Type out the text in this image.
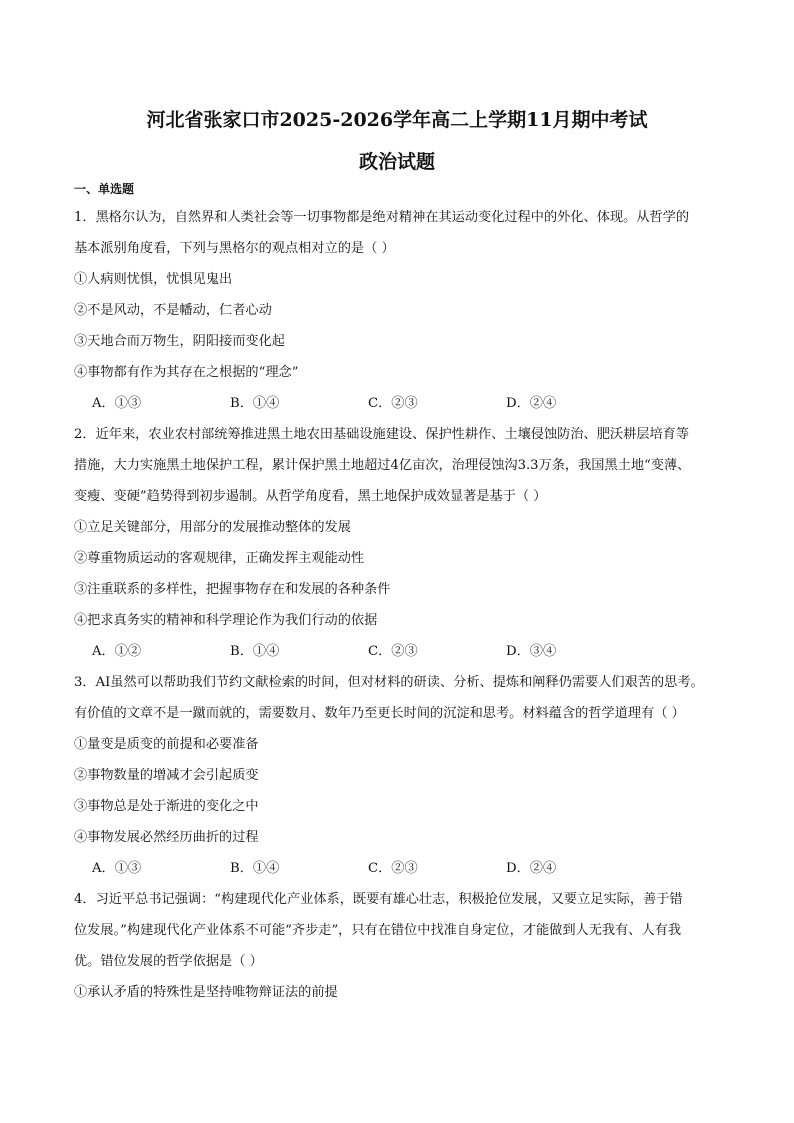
河北省张家口市2025-2026学年高二上学期11月期中考试
政治试题
一、单选题
1．黑格尔认为，自然界和人类社会等一切事物都是绝对精神在其运动变化过程中的外化、体现。从哲学的
基本派别角度看，下列与黑格尔的观点相对立的是（ ）
①人病则忧惧，忧惧见鬼出
②不是风动，不是幡动，仁者心动
③天地合而万物生，阴阳接而变化起
④事物都有作为其存在之根据的“理念”
A．①③	B．①④	C．②③	D．②④
2．近年来，农业农村部统筹推进黑土地农田基础设施建设、保护性耕作、土壤侵蚀防治、肥沃耕层培育等
措施，大力实施黑土地保护工程，累计保护黑土地超过4亿亩次，治理侵蚀沟3.3万条，我国黑土地“变薄、
变瘦、变硬”趋势得到初步遏制。从哲学角度看，黑土地保护成效显著是基于（ ）
①立足关键部分，用部分的发展推动整体的发展
②尊重物质运动的客观规律，正确发挥主观能动性
③注重联系的多样性，把握事物存在和发展的各种条件
④把求真务实的精神和科学理论作为我们行动的依据
A．①②	B．①④	C．②③	D．③④
3．AI虽然可以帮助我们节约文献检索的时间，但对材料的研读、分析、提炼和阐释仍需要人们艰苦的思考。
有价值的文章不是一蹴而就的，需要数月、数年乃至更长时间的沉淀和思考。材料蕴含的哲学道理有（ ）
①量变是质变的前提和必要准备
②事物数量的增减才会引起质变
③事物总是处于渐进的变化之中
④事物发展必然经历曲折的过程
A．①③	B．①④	C．②③	D．②④
4．习近平总书记强调：“构建现代化产业体系，既要有雄心壮志，积极抢位发展，又要立足实际，善于错
位发展。”构建现代化产业体系不可能“齐步走”，只有在错位中找准自身定位，才能做到人无我有、人有我
优。错位发展的哲学依据是（ ）
①承认矛盾的特殊性是坚持唯物辩证法的前提
